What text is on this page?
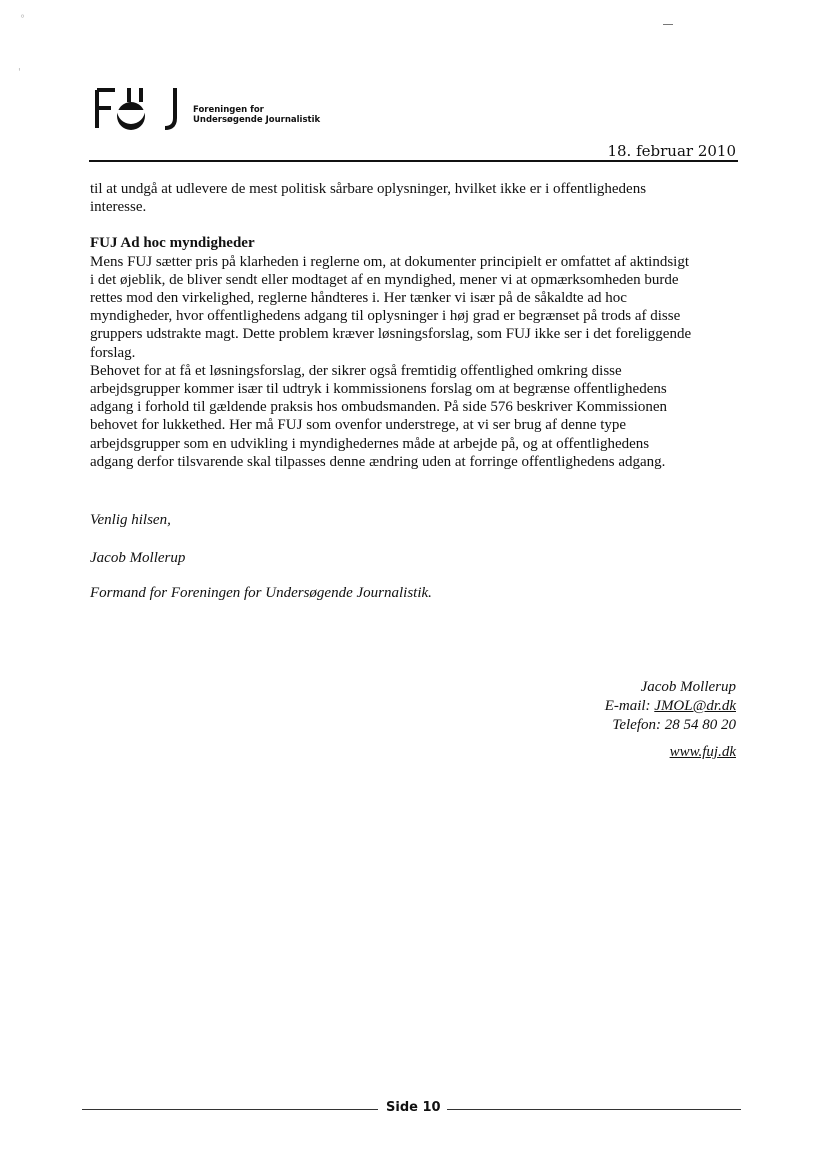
°
'
Foreningen for
Undersøgende Journalistik
18. februar 2010

til at undgå at udlevere de mest politisk sårbare oplysninger, hvilket ikke er i offentlighedens

interesse.

FUJ Ad hoc myndigheder

Mens FUJ sætter pris på klarheden i reglerne om, at dokumenter principielt er omfattet af aktindsigt

i det øjeblik, de bliver sendt eller modtaget af en myndighed, mener vi at opmærksomheden burde

rettes mod den virkelighed, reglerne håndteres i. Her tænker vi især på de såkaldte ad hoc

myndigheder, hvor offentlighedens adgang til oplysninger i høj grad er begrænset på trods af disse

gruppers udstrakte magt. Dette problem kræver løsningsforslag, som FUJ ikke ser i det foreliggende

forslag.

Behovet for at få et løsningsforslag, der sikrer også fremtidig offentlighed omkring disse

arbejdsgrupper kommer især til udtryk i kommissionens forslag om at begrænse offentlighedens

adgang i forhold til gældende praksis hos ombudsmanden. På side 576 beskriver Kommissionen

behovet for lukkethed. Her må FUJ som ovenfor understrege, at vi ser brug af denne type

arbejdsgrupper som en udvikling i myndighedernes måde at arbejde på, og at offentlighedens

adgang derfor tilsvarende skal tilpasses denne ændring uden at forringe offentlighedens adgang.

Venlig hilsen,
Jacob Mollerup
Formand for Foreningen for Undersøgende Journalistik.
Jacob Mollerup
E-mail: JMOL@dr.dk
Telefon: 28 54 80 20
www.fuj.dk
Side 10
